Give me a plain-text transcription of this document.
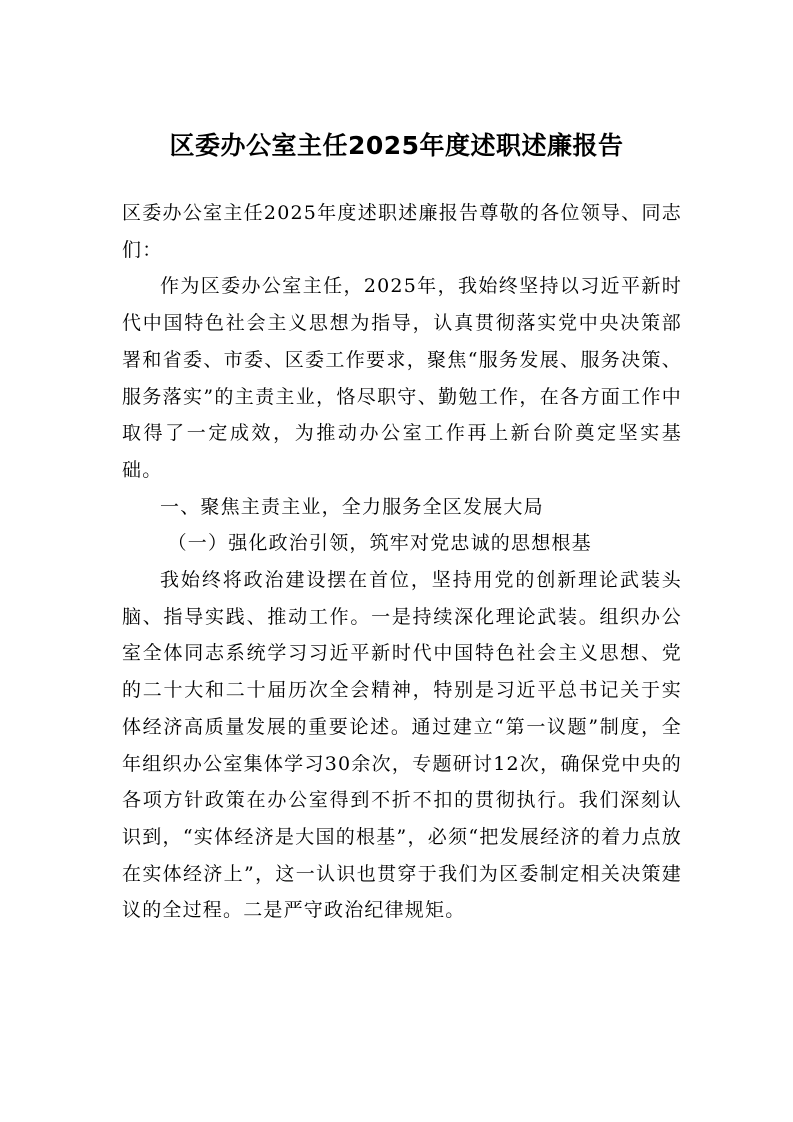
区委办公室主任2025年度述职述廉报告

区委办公室主任2025年度述职述廉报告尊敬的各位领导、同志们：

作为区委办公室主任，2025年，我始终坚持以习近平新时代中国特色社会主义思想为指导，认真贯彻落实党中央决策部署和省委、市委、区委工作要求，聚焦“服务发展、服务决策、服务落实”的主责主业，恪尽职守、勤勉工作，在各方面工作中取得了一定成效，为推动办公室工作再上新台阶奠定坚实基础。

一、聚焦主责主业，全力服务全区发展大局

（一）强化政治引领，筑牢对党忠诚的思想根基

我始终将政治建设摆在首位，坚持用党的创新理论武装头脑、指导实践、推动工作。一是持续深化理论武装。组织办公室全体同志系统学习习近平新时代中国特色社会主义思想、党的二十大和二十届历次全会精神，特别是习近平总书记关于实体经济高质量发展的重要论述。通过建立“第一议题”制度，全年组织办公室集体学习30余次，专题研讨12次，确保党中央的各项方针政策在办公室得到不折不扣的贯彻执行。我们深刻认识到，“实体经济是大国的根基”，必须“把发展经济的着力点放在实体经济上”，这一认识也贯穿于我们为区委制定相关决策建议的全过程。二是严守政治纪律规矩。
